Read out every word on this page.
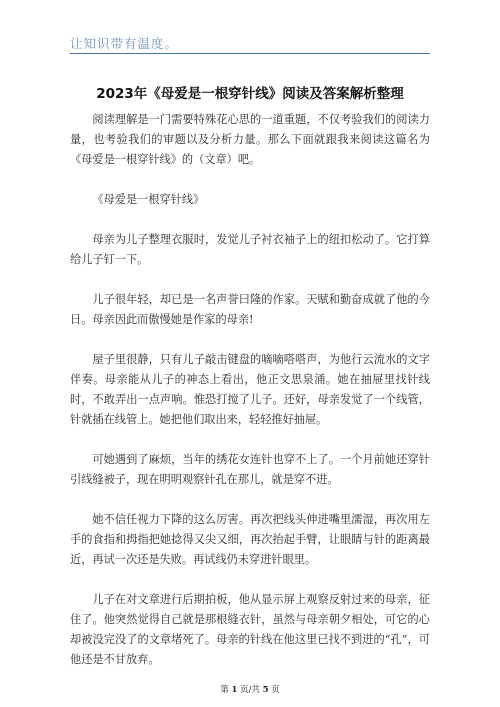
让知识带有温度。
2023年《母爱是一根穿针线》阅读及答案解析整理

阅读理解是一门需要特殊花心思的一道重题，不仅考验我们的阅读力量，也考验我们的审题以及分析力量。那么下面就跟我来阅读这篇名为《母爱是一根穿针线》的（文章）吧。

《母爱是一根穿针线》

母亲为儿子整理衣服时，发觉儿子衬衣袖子上的纽扣松动了。它打算给儿子钉一下。

儿子很年轻，却已是一名声誉曰隆的作家。天赋和勤奋成就了他的今日。母亲因此而傲慢她是作家的母亲!

屋子里很静，只有儿子敲击键盘的嘀嘀嗒嗒声，为他行云流水的文字伴奏。母亲能从儿子的神态上看出，他正文思泉涌。她在抽屉里找针线时，不敢弄出一点声响。惟恐打搅了儿子。还好，母亲发觉了一个线管，针就插在线管上。她把他们取出来，轻轻推好抽屉。

可她遇到了麻烦，当年的绣花女连针也穿不上了。一个月前她还穿针引线缝被子，现在明明观察针孔在那儿，就是穿不进。

她不信任视力下降的这么厉害。再次把线头伸进嘴里濡湿，再次用左手的食指和拇指把她捻得又尖又细，再次抬起手臂，让眼睛与针的距离最近，再试一次还是失败。再试线仍未穿进针眼里。

儿子在对文章进行后期拍板，他从显示屏上观察反射过来的母亲，征住了。他突然觉得自己就是那根缝衣针，虽然与母亲朝夕相处，可它的心却被没完没了的文章堵死了。母亲的针线在他这里已找不到进的“孔”，可他还是不甘放弃。

第 1 页/共 5 页
